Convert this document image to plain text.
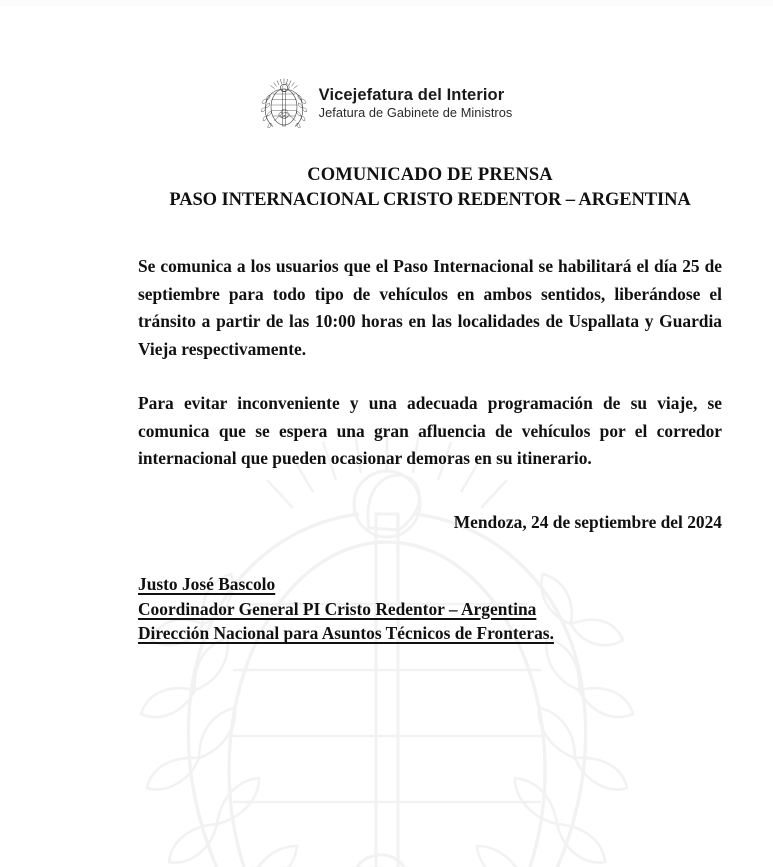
Vicejefatura del Interior
Jefatura de Gabinete de Ministros
COMUNICADO DE PRENSA
PASO INTERNACIONAL CRISTO REDENTOR – ARGENTINA

Se comunica a los usuarios que el Paso Internacional se habilitará el día 25 de septiembre para todo tipo de vehículos en ambos sentidos, liberándose el tránsito a partir de las 10:00 horas en las localidades de Uspallata y Guardia Vieja respectivamente.

Para evitar inconveniente y una adecuada programación de su viaje, se comunica que se espera una gran afluencia de vehículos por el corredor internacional que pueden ocasionar demoras en su itinerario.

Mendoza, 24 de septiembre del 2024
Justo José Bascolo
Coordinador General PI Cristo Redentor – Argentina
Dirección Nacional para Asuntos Técnicos de Fronteras.
